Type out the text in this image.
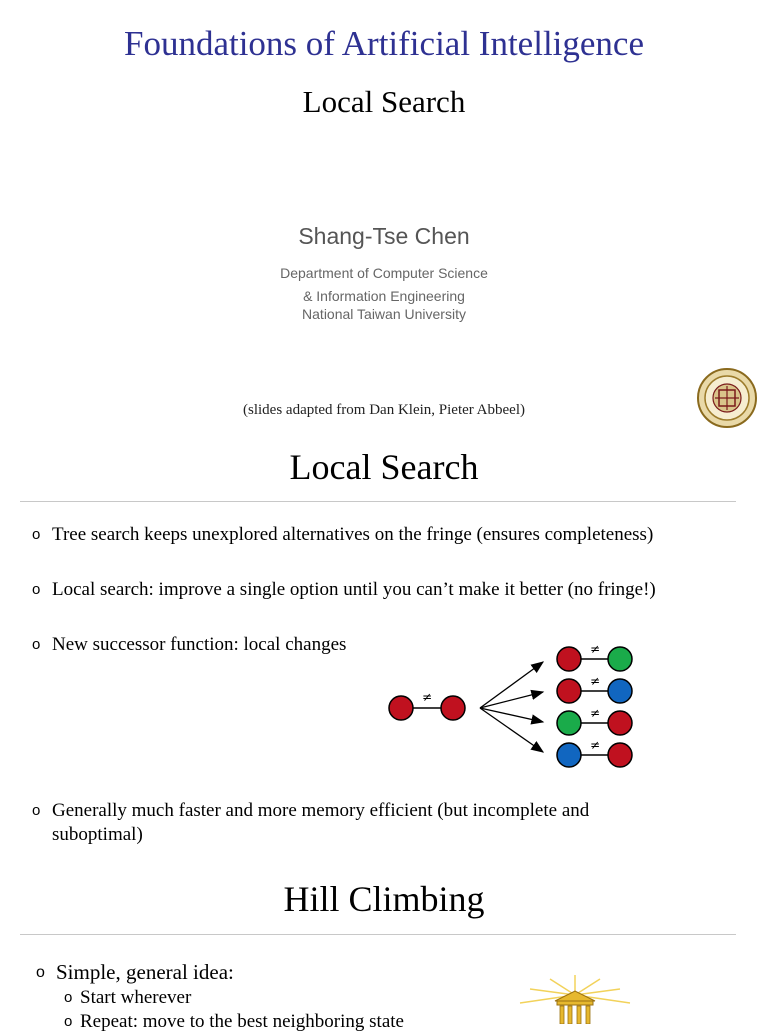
Foundations of Artificial Intelligence
Local Search
Shang-Tse Chen
Department of Computer Science
& Information Engineering
National Taiwan University
(slides adapted from Dan Klein, Pieter Abbeel)
Local Search
o Tree search keeps unexplored alternatives on the fringe (ensures completeness)
o Local search: improve a single option until you can’t make it better (no fringe!)
o New successor function: local changes
≠
≠
≠
≠
≠
o Generally much faster and more memory efficient (but incomplete and
suboptimal)
Hill Climbing
o Simple, general idea:
o Start wherever
o Repeat: move to the best neighboring state
